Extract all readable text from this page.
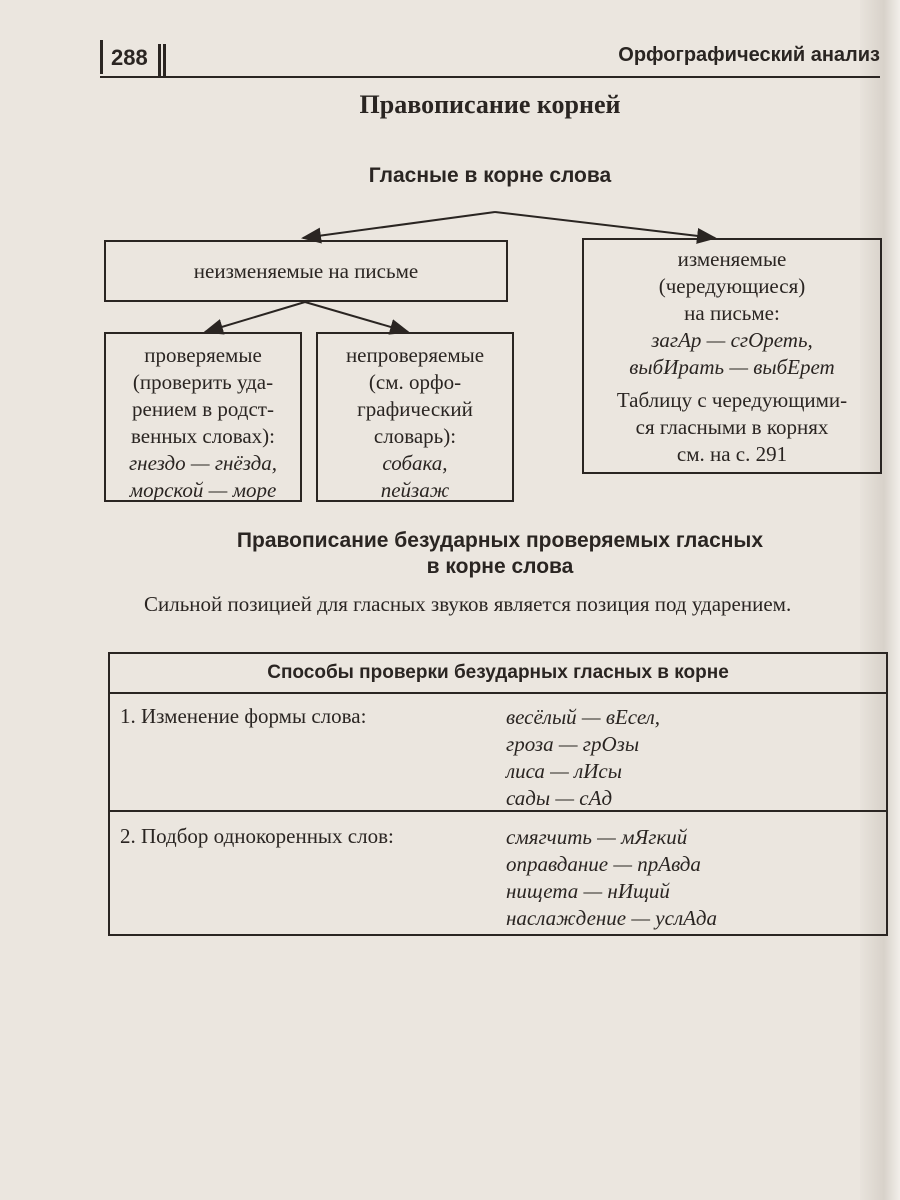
288	Орфографический анализ
Правописание корней
Гласные в корне слова
неизменяемые на письме
проверяемые
(проверить уда-
рением в родст-
венных словах):
гнездо — гнёзда,
морской — море
непроверяемые
(см. орфо-
графический
словарь):
собака,
пейзаж
изменяемые
(чередующиеся)
на письме:
загАр — сгОреть,
выбИрать — выбЕрет
Таблицу с чередующими-
ся гласными в корнях
см. на с. 291
Правописание безударных проверяемых гласных
в корне слова
Сильной позицией для гласных звуков является позиция под ударением.
Способы проверки безударных гласных в корне
1. Изменение формы слова:	весёлый — вЕсел,
гроза — грОзы
лиса — лИсы
сады — сАд
2. Подбор однокоренных слов:	смягчить — мЯгкий
оправдание — прАвда
нищета — нИщий
наслаждение — услАда
